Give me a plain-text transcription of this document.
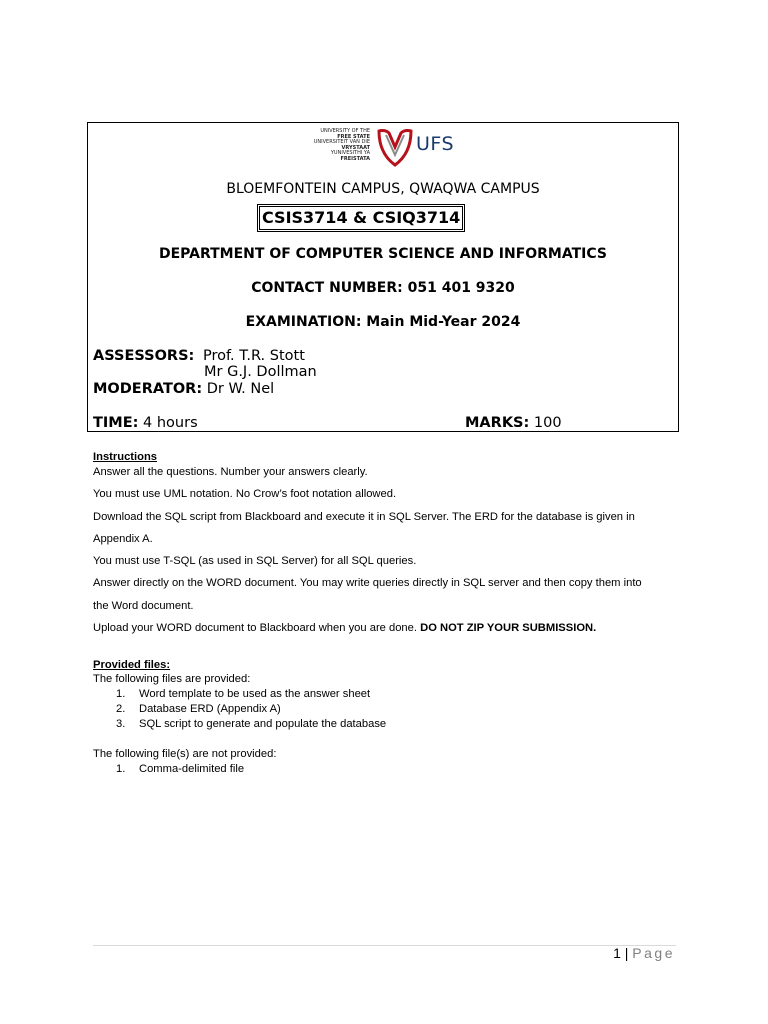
UNIVERSITY OF THE
FREE STATE
UNIVERSITEIT VAN DIE
VRYSTAAT
YUNIVESITHI YA
FREISTATA
UFS
BLOEMFONTEIN CAMPUS, QWAQWA CAMPUS
CSIS3714 & CSIQ3714
DEPARTMENT OF COMPUTER SCIENCE AND INFORMATICS
CONTACT NUMBER: 051 401 9320
EXAMINATION: Main Mid-Year 2024
ASSESSORS: Prof. T.R. Stott
Mr G.J. Dollman
MODERATOR: Dr W. Nel
TIME: 4 hours	MARKS: 100
Instructions
Answer all the questions. Number your answers clearly.
You must use UML notation. No Crow’s foot notation allowed.
Download the SQL script from Blackboard and execute it in SQL Server. The ERD for the database is given in
Appendix A.
You must use T-SQL (as used in SQL Server) for all SQL queries.
Answer directly on the WORD document. You may write queries directly in SQL server and then copy them into
the Word document.
Upload your WORD document to Blackboard when you are done. DO NOT ZIP YOUR SUBMISSION.
Provided files:
The following files are provided:
1. Word template to be used as the answer sheet
2. Database ERD (Appendix A)
3. SQL script to generate and populate the database
The following file(s) are not provided:
1. Comma-delimited file
1 | Page
